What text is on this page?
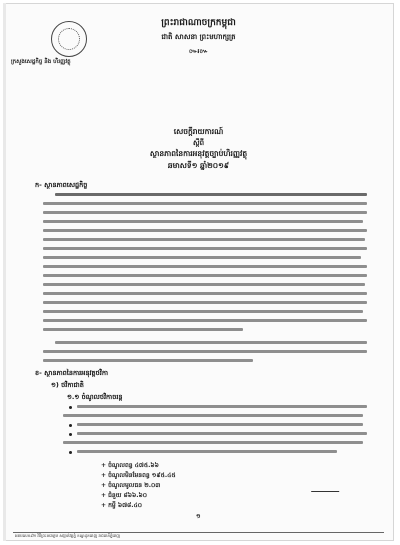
ព្រះរាជាណាចក្រកម្ពុជា
ជាតិ សាសនា ព្រះមហាក្សត្រ
៚៛៚
ក្រសួងសេដ្ឋកិច្ច និង ហិរញ្ញវត្ថុ
សេចក្តីរាយការណ៍
ស្តីពី
ស្ថានភាពនៃការអនុវត្តច្បាប់ហិរញ្ញវត្ថុ
ឆមាសទី១ ឆ្នាំ២០១៩
ក- ស្ថានភាពសេដ្ឋកិច្ច
ខ- ស្ថានភាពនៃការអនុវត្តថវិកា
១) ថវិកាជាតិ
១.១ ចំណូលថវិកាចរន្ត
+ ចំណូលពន្ធ ៤៧៥.៦៦
+ ចំណូលមិនមែនពន្ធ ១៩៥.៤៥
+ ចំណូលមូលធន ២.០៣
+ ជំនួយ ៨៦៦.៦០
+ កម្ចី ៦៧៨.៤០
១
អគារលេខ៩២ វិថីព្រះនរោត្តម សង្កាត់វត្តភ្នំ ខណ្ឌដូនពេញ រាជធានីភ្នំពេញ
